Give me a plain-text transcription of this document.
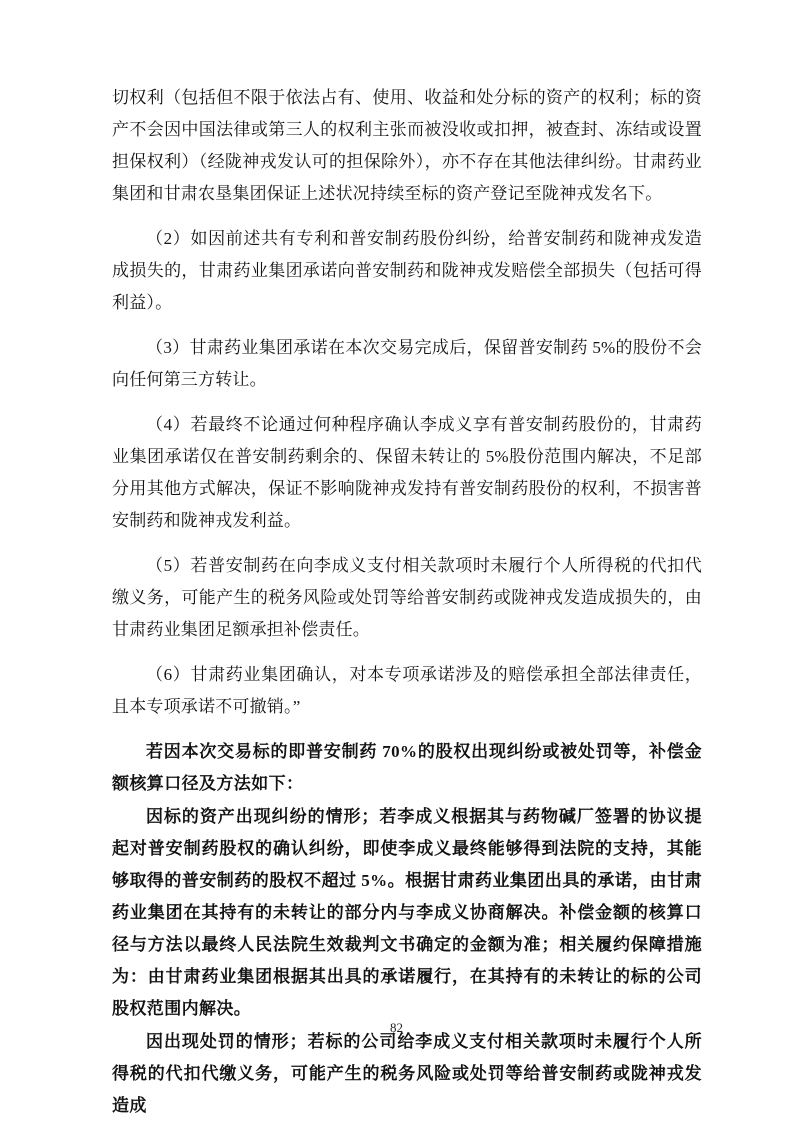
切权利（包括但不限于依法占有、使用、收益和处分标的资产的权利；标的资产不会因中国法律或第三人的权利主张而被没收或扣押，被查封、冻结或设置担保权利）（经陇神戎发认可的担保除外），亦不存在其他法律纠纷。甘肃药业集团和甘肃农垦集团保证上述状况持续至标的资产登记至陇神戎发名下。

（2）如因前述共有专利和普安制药股份纠纷，给普安制药和陇神戎发造成损失的，甘肃药业集团承诺向普安制药和陇神戎发赔偿全部损失（包括可得利益）。

（3）甘肃药业集团承诺在本次交易完成后，保留普安制药 5%的股份不会向任何第三方转让。

（4）若最终不论通过何种程序确认李成义享有普安制药股份的，甘肃药业集团承诺仅在普安制药剩余的、保留未转让的 5%股份范围内解决，不足部分用其他方式解决，保证不影响陇神戎发持有普安制药股份的权利，不损害普安制药和陇神戎发利益。

（5）若普安制药在向李成义支付相关款项时未履行个人所得税的代扣代缴义务，可能产生的税务风险或处罚等给普安制药或陇神戎发造成损失的，由甘肃药业集团足额承担补偿责任。

（6）甘肃药业集团确认，对本专项承诺涉及的赔偿承担全部法律责任，且本专项承诺不可撤销。”

若因本次交易标的即普安制药 70%的股权出现纠纷或被处罚等，补偿金额核算口径及方法如下：

因标的资产出现纠纷的情形；若李成义根据其与药物碱厂签署的协议提起对普安制药股权的确认纠纷，即使李成义最终能够得到法院的支持，其能够取得的普安制药的股权不超过 5%。根据甘肃药业集团出具的承诺，由甘肃药业集团在其持有的未转让的部分内与李成义协商解决。补偿金额的核算口径与方法以最终人民法院生效裁判文书确定的金额为准；相关履约保障措施为：由甘肃药业集团根据其出具的承诺履行，在其持有的未转让的标的公司股权范围内解决。

因出现处罚的情形；若标的公司给李成义支付相关款项时未履行个人所得税的代扣代缴义务，可能产生的税务风险或处罚等给普安制药或陇神戎发造成

82
